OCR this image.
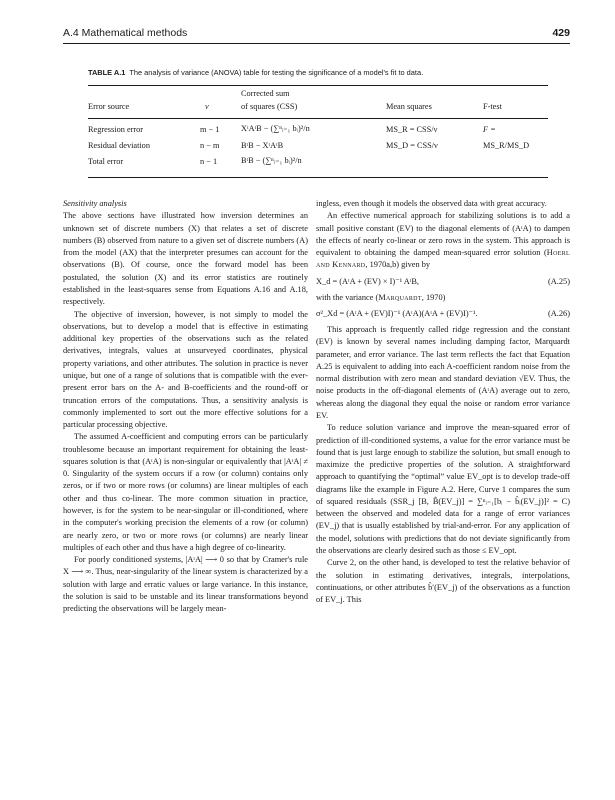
A.4 Mathematical methods	429
TABLE A.1 The analysis of variance (ANOVA) table for testing the significance of a model's fit to data.
Corrected sum
Error source	ν	of squares (CSS)	Mean squares	F-test
Regression error	m − 1	XᵗAᵗB − (∑ⁿᵢ₌₁ bᵢ)²/n	MS_R = CSS/ν	F =
Residual deviation	n − m	BᵗB − XᵗAᵗB	MS_D = CSS/ν	MS_R/MS_D
Total error	n − 1	BᵗB − (∑ⁿᵢ₌₁ bᵢ)²/n

Sensitivity analysis

The above sections have illustrated how inversion determines an unknown set of discrete numbers (X) that relates a set of discrete numbers (B) observed from nature to a given set of discrete numbers (A) from the model (AX) that the interpreter presumes can account for the observations (B). Of course, once the forward model has been postulated, the solution (X) and its error statistics are routinely established in the least-squares sense from Equations A.16 and A.18, respectively.

The objective of inversion, however, is not simply to model the observations, but to develop a model that is effective in estimating additional key properties of the observations such as the related derivatives, integrals, values at unsurveyed coordinates, physical property variations, and other attributes. The solution in practice is never unique, but one of a range of solutions that is compatible with the ever-present error bars on the A- and B-coefficients and the round-off or truncation errors of the computations. Thus, a sensitivity analysis is commonly implemented to sort out the more effective solutions for a particular processing objective.

The assumed A-coefficient and computing errors can be particularly troublesome because an important requirement for obtaining the least-squares solution is that (AᵗA) is non-singular or equivalently that |AᵗA| ≠ 0. Singularity of the system occurs if a row (or column) contains only zeros, or if two or more rows (or columns) are linear multiples of each other and thus co-linear. The more common situation in practice, however, is for the system to be near-singular or ill-conditioned, where in the computer's working precision the elements of a row (or column) are nearly zero, or two or more rows (or columns) are nearly linear multiples of each other and thus have a high degree of co-linearity.

For poorly conditioned systems, |AᵗA| ⟶ 0 so that by Cramer's rule X ⟶ ∞. Thus, near-singularity of the linear system is characterized by a solution with large and erratic values or large variance. In this instance, the solution is said to be unstable and its linear transformations beyond predicting the observations will be largely mean-

ingless, even though it models the observed data with great accuracy.

An effective numerical approach for stabilizing solutions is to add a small positive constant (EV) to the diagonal elements of (AᵗA) to dampen the effects of nearly co-linear or zero rows in the system. This approach is equivalent to obtaining the damped mean-squared error solution (Hoerl and Kennard, 1970a,b) given by

X_d = (AᵗA + (EV) × I)⁻¹ AᵗB,	(A.25)

with the variance (Marquardt, 1970)

σ²_Xd = (AᵗA + (EV)I)⁻¹ (AᵗA)(AᵗA + (EV)I)⁻¹.	(A.26)

This approach is frequently called ridge regression and the constant (EV) is known by several names including damping factor, Marquardt parameter, and error variance. The last term reflects the fact that Equation A.25 is equivalent to adding into each A-coefficient random noise from the normal distribution with zero mean and standard deviation √EV. Thus, the noise products in the off-diagonal elements of (AᵗA) average out to zero, whereas along the diagonal they equal the noise or random error variance EV.

To reduce solution variance and improve the mean-squared error of prediction of ill-conditioned systems, a value for the error variance must be found that is just large enough to stabilize the solution, but small enough to maximize the predictive properties of the solution. A straightforward approach to quantifying the “optimal” value EV_opt is to develop trade-off diagrams like the example in Figure A.2. Here, Curve 1 compares the sum of squared residuals (SSR_j [B, B̂(EV_j)] = ∑ⁿᵢ₌₁[bᵢ − b̂ᵢ(EV_j)]² = C) between the observed and modeled data for a range of error variances (EV_j) that is usually established by trial-and-error. For any application of the model, solutions with predictions that do not deviate significantly from the observations are clearly desired such as those ≤ EV_opt.

Curve 2, on the other hand, is developed to test the relative behavior of the solution in estimating derivatives, integrals, interpolations, continuations, or other attributes b̂′(EV_j) of the observations as a function of EV_j. This
